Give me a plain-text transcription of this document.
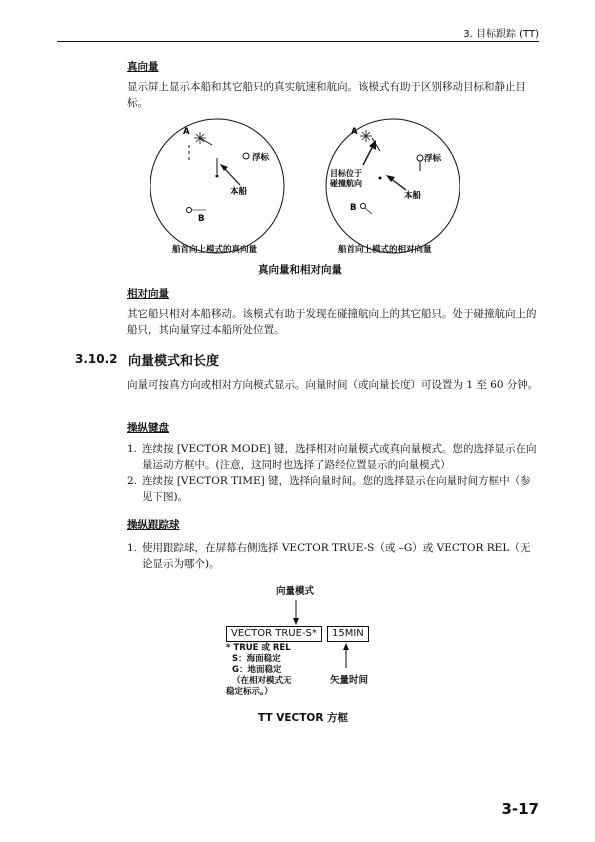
3. 目标跟踪 (TT)
真向量
显示屏上显示本船和其它船只的真实航速和航向。该模式有助于区别移动目标和静止目标。
A
浮标
本船
B
A
浮标
目标位于
碰撞航向
本船
B
船首向上模式的真向量	船首向上模式的相对向量
真向量和相对向量
相对向量
其它船只相对本船移动。该模式有助于发现在碰撞航向上的其它船只。处于碰撞航向上的船只，其向量穿过本船所处位置。
3.10.2 向量模式和长度
向量可按真方向或相对方向模式显示。向量时间（或向量长度）可设置为 1 至 60 分钟。
操纵键盘
1. 连续按 [VECTOR MODE] 键，选择相对向量模式或真向量模式。您的选择显示在向量运动方框中。(注意，这同时也选择了路经位置显示的向量模式）
2. 连续按 [VECTOR TIME] 键，选择向量时间。您的选择显示在向量时间方框中（参见下图)。
操纵跟踪球
1. 使用跟踪球，在屏幕右侧选择 VECTOR TRUE-S（或 –G）或 VECTOR REL（无论显示为哪个)。
向量模式
VECTOR TRUE-S*	15MIN
* TRUE 或 REL
S：海面稳定
G：地面稳定
（在相对模式无
稳定标示。）
矢量时间
TT VECTOR 方框
3-17
